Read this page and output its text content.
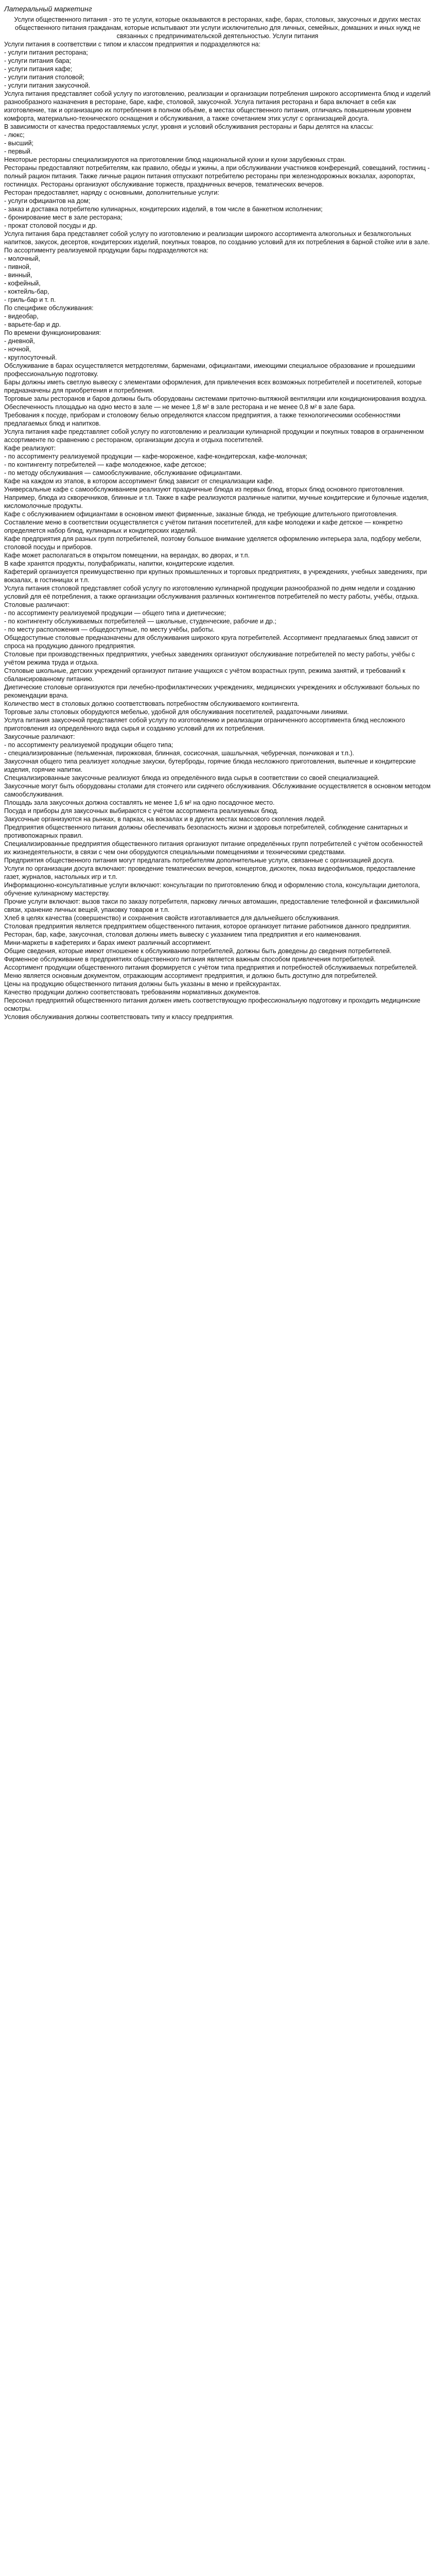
Латеральный маркетинг

Услуги общественного питания - это те услуги, которые оказываются в ресторанах, кафе, барах, столовых, закусочных и других местах общественного питания гражданам, которые испытывают эти услуги исключительно для личных, семейных, домашних и иных нужд не связанных с предпринимательской деятельностью. Услуги питания

Услуги питания в соответствии с типом и классом предприятия и подразделяются на:

- услуги питания ресторана;

- услуги питания бара;

- услуги питания кафе;

- услуги питания столовой;

- услуги питания закусочной.

Услуга питания представляет собой услугу по изготовлению, реализации и организации потребления широкого ассортимента блюд и изделий разнообразного назначения в ресторане, баре, кафе, столовой, закусочной. Услуга питания ресторана и бара включает в себя как изготовление, так и организацию их потребления в полном объёме, в местах общественного питания, отличаясь повышенным уровнем комфорта, материально-технического оснащения и обслуживания, а также сочетанием этих услуг с организацией досуга.

В зависимости от качества предоставляемых услуг, уровня и условий обслуживания рестораны и бары делятся на классы:

- люкс;

- высший;

- первый.

Некоторые рестораны специализируются на приготовлении блюд национальной кухни и кухни зарубежных стран.

Рестораны предоставляют потребителям, как правило, обеды и ужины, а при обслуживании участников конференций, совещаний, гостиниц - полный рацион питания. Также личные рацион питания отпускают потребителю рестораны при железнодорожных вокзалах, аэропортах, гостиницах. Рестораны организуют обслуживание торжеств, праздничных вечеров, тематических вечеров.

Ресторан предоставляет, наряду с основными, дополнительные услуги:

- услуги официантов на дом;

- заказ и доставка потребителю кулинарных, кондитерских изделий, в том числе в банкетном исполнении;

- бронирование мест в зале ресторана;

- прокат столовой посуды и др.

Услуга питания бара представляет собой услугу по изготовлению и реализации широкого ассортимента алкогольных и безалкогольных напитков, закусок, десертов, кондитерских изделий, покупных товаров, по созданию условий для их потребления в барной стойке или в зале.

По ассортименту реализуемой продукции бары подразделяются на:

- молочный,

- пивной,

- винный,

- кофейный,

- коктейль-бар,

- гриль-бар и т. п.

По специфике обслуживания:

- видеобар,

- варьете-бар и др.

По времени функционирования:

- дневной,

- ночной,

- круглосуточный.

Обслуживание в барах осуществляется метрдотелями, барменами, официантами, имеющими специальное образование и прошедшими профессиональную подготовку.

Бары должны иметь светлую вывеску с элементами оформления, для привлечения всех возможных потребителей и посетителей, которые предназначены для приобретения и потребления.

Торговые залы ресторанов и баров должны быть оборудованы системами приточно-вытяжной вентиляции или кондиционирования воздуха. Обеспеченность площадью на одно место в зале — не менее 1,8 м² в зале ресторана и не менее 0,8 м² в зале бара.

Требования к посуде, приборам и столовому белью определяются классом предприятия, а также технологическими особенностями предлагаемых блюд и напитков.

Услуга питания кафе представляет собой услугу по изготовлению и реализации кулинарной продукции и покупных товаров в ограниченном ассортименте по сравнению с рестораном, организации досуга и отдыха посетителей.

Кафе реализуют:

- по ассортименту реализуемой продукции — кафе-мороженое, кафе-кондитерская, кафе-молочная;

- по контингенту потребителей — кафе молодежное, кафе детское;

- по методу обслуживания — самообслуживание, обслуживание официантами.

Кафе на каждом из этапов, в котором ассортимент блюд зависит от специализации кафе.

Универсальные кафе с самообслуживанием реализуют праздничные блюда из первых блюд, вторых блюд основного приготовления. Например, блюда из скворечников, блинные и т.п. Также в кафе реализуются различные напитки, мучные кондитерские и булочные изделия, кисломолочные продукты.

Кафе с обслуживанием официантами в основном имеют фирменные, заказные блюда, не требующие длительного приготовления.

Составление меню в соответствии осуществляется с учётом питания посетителей, для кафе молодежи и кафе детское — конкретно определяется набор блюд, кулинарных и кондитерских изделий.

Кафе предприятия для разных групп потребителей, поэтому большое внимание уделяется оформлению интерьера зала, подбору мебели, столовой посуды и приборов.

Кафе может располагаться в открытом помещении, на верандах, во дворах, и т.п.

В кафе хранятся продукты, полуфабрикаты, напитки, кондитерские изделия.

Кафетерий организуется преимущественно при крупных промышленных и торговых предприятиях, в учреждениях, учебных заведениях, при вокзалах, в гостиницах и т.п.

Услуга питания столовой представляет собой услугу по изготовлению кулинарной продукции разнообразной по дням недели и созданию условий для её потребления, а также организации обслуживания различных контингентов потребителей по месту работы, учёбы, отдыха.

Столовые различают:

- по ассортименту реализуемой продукции — общего типа и диетические;

- по контингенту обслуживаемых потребителей — школьные, студенческие, рабочие и др.;

- по месту расположения — общедоступные, по месту учёбы, работы.

Общедоступные столовые предназначены для обслуживания широкого круга потребителей. Ассортимент предлагаемых блюд зависит от спроса на продукцию данного предприятия.

Столовые при производственных предприятиях, учебных заведениях организуют обслуживание потребителей по месту работы, учёбы с учётом режима труда и отдыха.

Столовые школьные, детских учреждений организуют питание учащихся с учётом возрастных групп, режима занятий, и требований к сбалансированному питанию.

Диетические столовые организуются при лечебно-профилактических учреждениях, медицинских учреждениях и обслуживают больных по рекомендации врача.

Количество мест в столовых должно соответствовать потребностям обслуживаемого контингента.

Торговые залы столовых оборудуются мебелью, удобной для обслуживания посетителей, раздаточными линиями.

Услуга питания закусочной представляет собой услугу по изготовлению и реализации ограниченного ассортимента блюд несложного приготовления из определённого вида сырья и созданию условий для их потребления.

Закусочные различают:

- по ассортименту реализуемой продукции общего типа;

- специализированные (пельменная, пирожковая, блинная, сосисочная, шашлычная, чебуречная, пончиковая и т.п.).

Закусочная общего типа реализует холодные закуски, бутерброды, горячие блюда несложного приготовления, выпечные и кондитерские изделия, горячие напитки.

Специализированные закусочные реализуют блюда из определённого вида сырья в соответствии со своей специализацией.

Закусочные могут быть оборудованы столами для стоячего или сидячего обслуживания. Обслуживание осуществляется в основном методом самообслуживания.

Площадь зала закусочных должна составлять не менее 1,6 м² на одно посадочное место.

Посуда и приборы для закусочных выбираются с учётом ассортимента реализуемых блюд.

Закусочные организуются на рынках, в парках, на вокзалах и в других местах массового скопления людей.

Предприятия общественного питания должны обеспечивать безопасность жизни и здоровья потребителей, соблюдение санитарных и противопожарных правил.

Специализированные предприятия общественного питания организуют питание определённых групп потребителей с учётом особенностей их жизнедеятельности, в связи с чем они оборудуются специальными помещениями и техническими средствами.

Предприятия общественного питания могут предлагать потребителям дополнительные услуги, связанные с организацией досуга.

Услуги по организации досуга включают: проведение тематических вечеров, концертов, дискотек, показ видеофильмов, предоставление газет, журналов, настольных игр и т.п.

Информационно-консультативные услуги включают: консультации по приготовлению блюд и оформлению стола, консультации диетолога, обучение кулинарному мастерству.

Прочие услуги включают: вызов такси по заказу потребителя, парковку личных автомашин, предоставление телефонной и факсимильной связи, хранение личных вещей, упаковку товаров и т.п.

Хлеб в целях качества (совершенство) и сохранения свойств изготавливается для дальнейшего обслуживания.

Столовая предприятия является предприятием общественного питания, которое организует питание работников данного предприятия.

Ресторан, бар, кафе, закусочная, столовая должны иметь вывеску с указанием типа предприятия и его наименования.

Мини-маркеты в кафетериях и барах имеют различный ассортимент.

Общие сведения, которые имеют отношение к обслуживанию потребителей, должны быть доведены до сведения потребителей.

Фирменное обслуживание в предприятиях общественного питания является важным способом привлечения потребителей.

Ассортимент продукции общественного питания формируется с учётом типа предприятия и потребностей обслуживаемых потребителей.

Меню является основным документом, отражающим ассортимент предприятия, и должно быть доступно для потребителей.

Цены на продукцию общественного питания должны быть указаны в меню и прейскурантах.

Качество продукции должно соответствовать требованиям нормативных документов.

Персонал предприятий общественного питания должен иметь соответствующую профессиональную подготовку и проходить медицинские осмотры.

Условия обслуживания должны соответствовать типу и классу предприятия.
